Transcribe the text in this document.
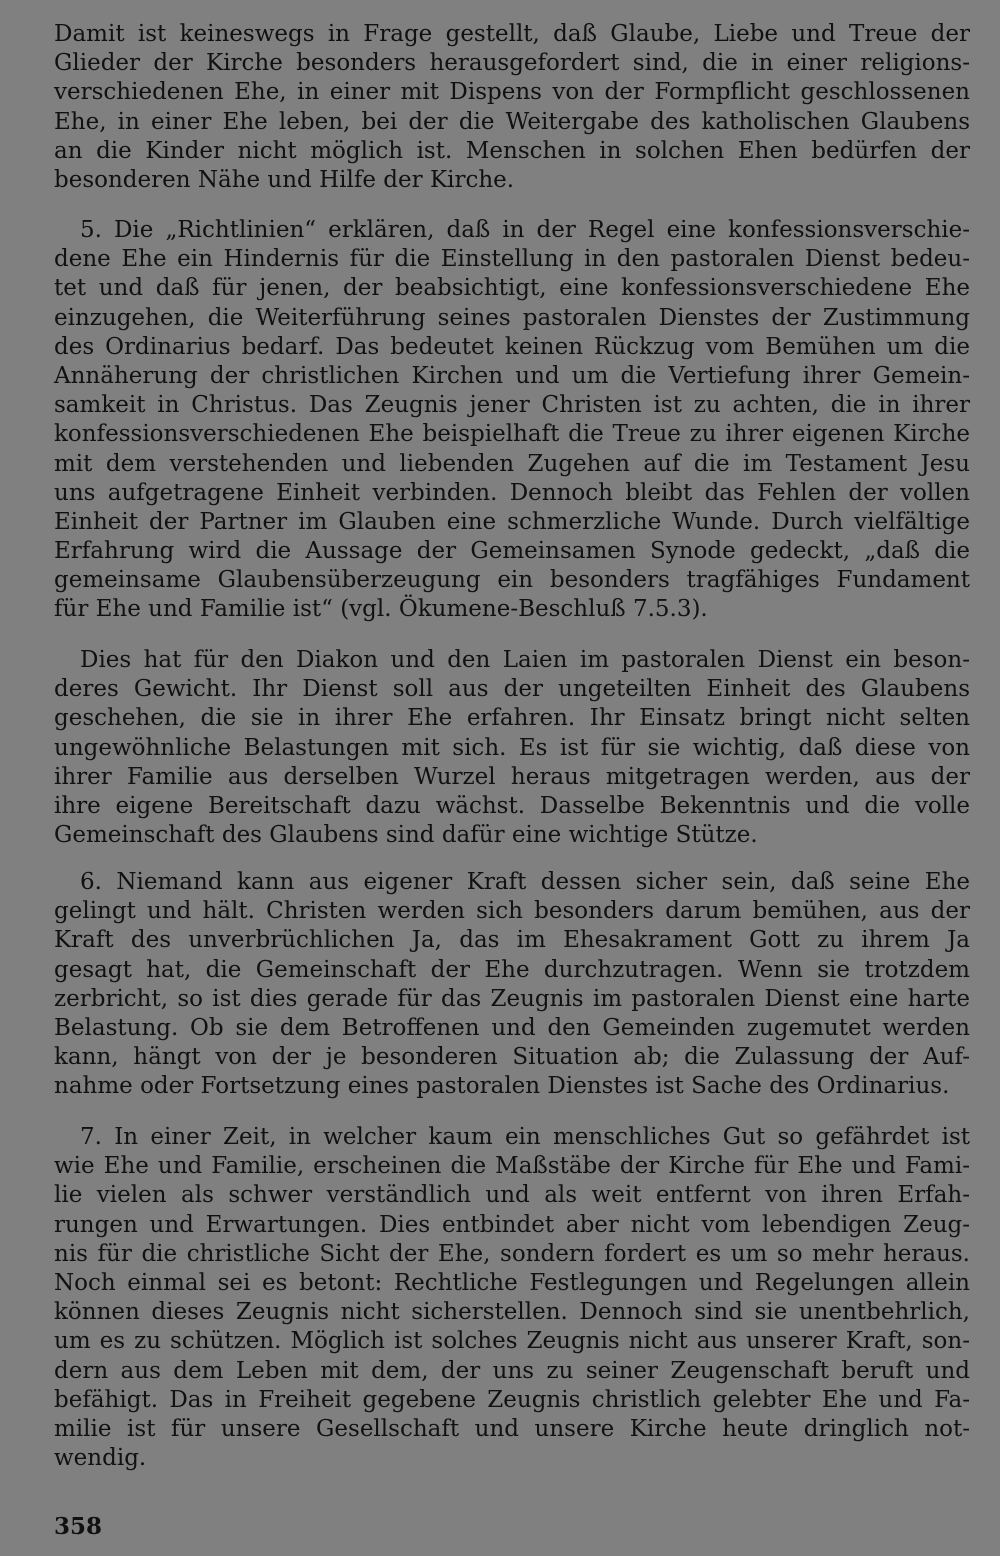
Damit ist keineswegs in Frage gestellt, daß Glaube, Liebe und Treue der
Glieder der Kirche besonders herausgefordert sind, die in einer religions-
verschiedenen Ehe, in einer mit Dispens von der Formpflicht geschlossenen
Ehe, in einer Ehe leben, bei der die Weitergabe des katholischen Glaubens
an die Kinder nicht möglich ist. Menschen in solchen Ehen bedürfen der
besonderen Nähe und Hilfe der Kirche.
5. Die „Richtlinien“ erklären, daß in der Regel eine konfessionsverschie-
dene Ehe ein Hindernis für die Einstellung in den pastoralen Dienst bedeu-
tet und daß für jenen, der beabsichtigt, eine konfessionsverschiedene Ehe
einzugehen, die Weiterführung seines pastoralen Dienstes der Zustimmung
des Ordinarius bedarf. Das bedeutet keinen Rückzug vom Bemühen um die
Annäherung der christlichen Kirchen und um die Vertiefung ihrer Gemein-
samkeit in Christus. Das Zeugnis jener Christen ist zu achten, die in ihrer
konfessionsverschiedenen Ehe beispielhaft die Treue zu ihrer eigenen Kirche
mit dem verstehenden und liebenden Zugehen auf die im Testament Jesu
uns aufgetragene Einheit verbinden. Dennoch bleibt das Fehlen der vollen
Einheit der Partner im Glauben eine schmerzliche Wunde. Durch vielfältige
Erfahrung wird die Aussage der Gemeinsamen Synode gedeckt, „daß die
gemeinsame Glaubensüberzeugung ein besonders tragfähiges Fundament
für Ehe und Familie ist“ (vgl. Ökumene-Beschluß 7.5.3).
Dies hat für den Diakon und den Laien im pastoralen Dienst ein beson-
deres Gewicht. Ihr Dienst soll aus der ungeteilten Einheit des Glaubens
geschehen, die sie in ihrer Ehe erfahren. Ihr Einsatz bringt nicht selten
ungewöhnliche Belastungen mit sich. Es ist für sie wichtig, daß diese von
ihrer Familie aus derselben Wurzel heraus mitgetragen werden, aus der
ihre eigene Bereitschaft dazu wächst. Dasselbe Bekenntnis und die volle
Gemeinschaft des Glaubens sind dafür eine wichtige Stütze.
6. Niemand kann aus eigener Kraft dessen sicher sein, daß seine Ehe
gelingt und hält. Christen werden sich besonders darum bemühen, aus der
Kraft des unverbrüchlichen Ja, das im Ehesakrament Gott zu ihrem Ja
gesagt hat, die Gemeinschaft der Ehe durchzutragen. Wenn sie trotzdem
zerbricht, so ist dies gerade für das Zeugnis im pastoralen Dienst eine harte
Belastung. Ob sie dem Betroffenen und den Gemeinden zugemutet werden
kann, hängt von der je besonderen Situation ab; die Zulassung der Auf-
nahme oder Fortsetzung eines pastoralen Dienstes ist Sache des Ordinarius.
7. In einer Zeit, in welcher kaum ein menschliches Gut so gefährdet ist
wie Ehe und Familie, erscheinen die Maßstäbe der Kirche für Ehe und Fami-
lie vielen als schwer verständlich und als weit entfernt von ihren Erfah-
rungen und Erwartungen. Dies entbindet aber nicht vom lebendigen Zeug-
nis für die christliche Sicht der Ehe, sondern fordert es um so mehr heraus.
Noch einmal sei es betont: Rechtliche Festlegungen und Regelungen allein
können dieses Zeugnis nicht sicherstellen. Dennoch sind sie unentbehrlich,
um es zu schützen. Möglich ist solches Zeugnis nicht aus unserer Kraft, son-
dern aus dem Leben mit dem, der uns zu seiner Zeugenschaft beruft und
befähigt. Das in Freiheit gegebene Zeugnis christlich gelebter Ehe und Fa-
milie ist für unsere Gesellschaft und unsere Kirche heute dringlich not-
wendig.
358
